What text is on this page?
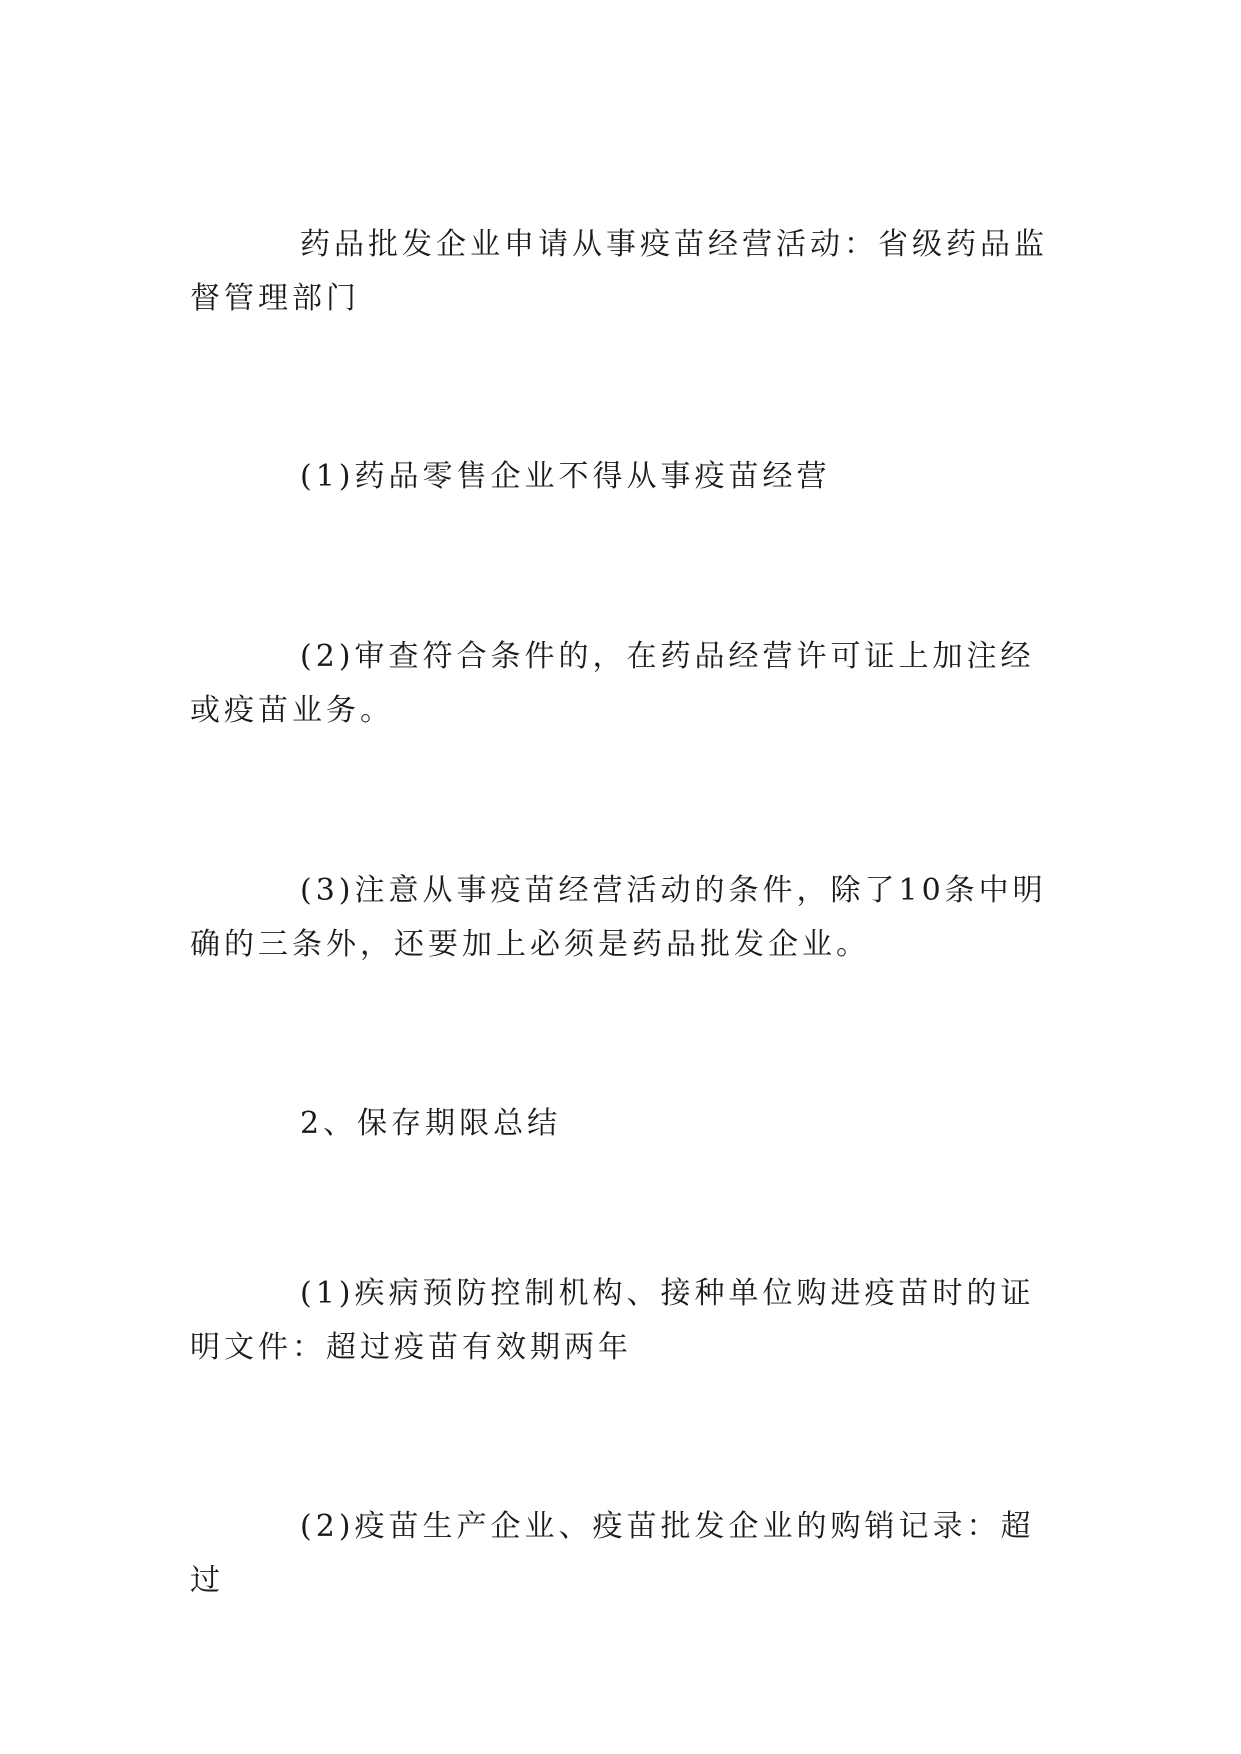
药品批发企业申请从事疫苗经营活动：省级药品监督管理部门

(1)药品零售企业不得从事疫苗经营

(2)审查符合条件的，在药品经营许可证上加注经或疫苗业务。

(3)注意从事疫苗经营活动的条件，除了10条中明确的三条外，还要加上必须是药品批发企业。

2、保存期限总结

(1)疾病预防控制机构、接种单位购进疫苗时的证明文件：超过疫苗有效期两年

(2)疫苗生产企业、疫苗批发企业的购销记录：超过
